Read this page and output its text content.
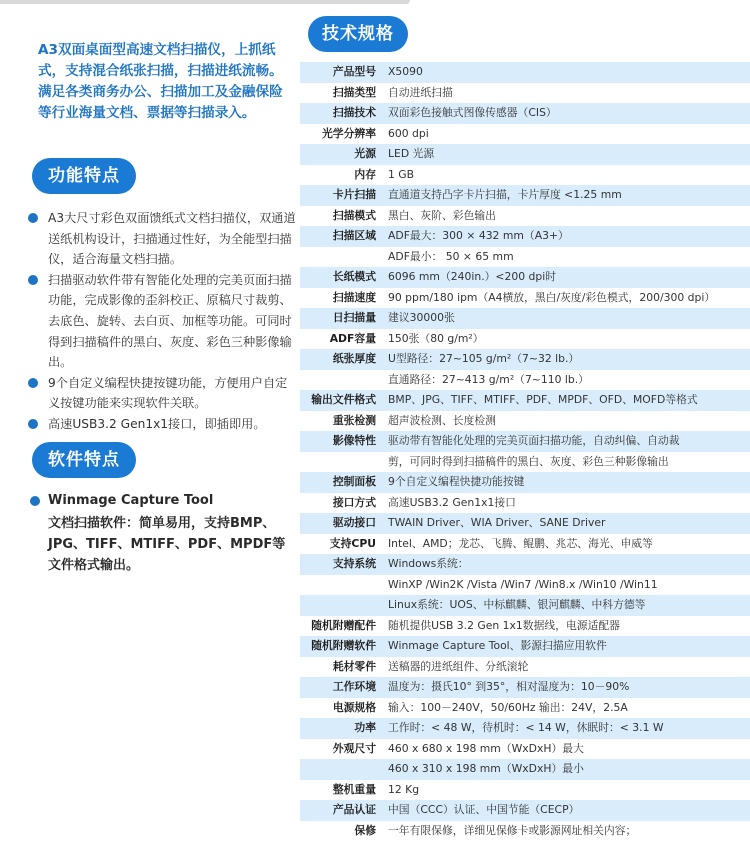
A3双面桌面型高速文档扫描仪，上抓纸式，支持混合纸张扫描，扫描进纸流畅。满足各类商务办公、扫描加工及金融保险等行业海量文档、票据等扫描录入。

功能特点
A3大尺寸彩色双面馈纸式文档扫描仪，双通道送纸机构设计，扫描通过性好，为全能型扫描仪，适合海量文档扫描。
扫描驱动软件带有智能化处理的完美页面扫描功能，完成影像的歪斜校正、原稿尺寸裁剪、去底色、旋转、去白页、加框等功能。可同时得到扫描稿件的黑白、灰度、彩色三种影像输出。
9个自定义编程快捷按键功能，方便用户自定义按键功能来实现软件关联。
高速USB3.2 Gen1x1接口，即插即用。
软件特点
Winmage Capture Tool
文档扫描软件：简单易用，支持BMP、JPG、TIFF、MTIFF、PDF、MPDF等文件格式输出。
技术规格
产品型号	X5090
扫描类型	自动进纸扫描
扫描技术	双面彩色接触式图像传感器（CIS）
光学分辨率	600 dpi
光源	LED 光源
内存	1 GB
卡片扫描	直通道支持凸字卡片扫描，卡片厚度 <1.25 mm
扫描模式	黑白、灰阶、彩色输出
扫描区域	ADF最大：300 × 432 mm（A3+）
ADF最小： 50 × 65 mm
长纸模式	6096 mm（240in.）<200 dpi时
扫描速度	90 ppm/180 ipm（A4横放，黑白/灰度/彩色模式，200/300 dpi）
日扫描量	建议30000张
ADF容量	150张（80 g/m²）
纸张厚度	U型路径：27~105 g/m²（7~32 lb.）
直通路径：27~413 g/m²（7~110 lb.）
输出文件格式	BMP、JPG、TIFF、MTIFF、PDF、MPDF、OFD、MOFD等格式
重张检测	超声波检测、长度检测
影像特性	驱动带有智能化处理的完美页面扫描功能，自动纠偏、自动裁
剪，可同时得到扫描稿件的黑白、灰度、彩色三种影像输出
控制面板	9个自定义编程快捷功能按键
接口方式	高速USB3.2 Gen1x1接口
驱动接口	TWAIN Driver、WIA Driver、SANE Driver
支持CPU	Intel、AMD；龙芯、飞腾、鲲鹏、兆芯、海光、申威等
支持系统	Windows系统：
WinXP /Win2K /Vista /Win7 /Win8.x /Win10 /Win11
Linux系统：UOS、中标麒麟、银河麒麟、中科方德等
随机附赠配件	随机提供USB 3.2 Gen 1x1数据线，电源适配器
随机附赠软件	Winmage Capture Tool、影源扫描应用软件
耗材零件	送稿器的进纸组件、分纸滚轮
工作环境	温度为：摄氏10° 到35°，相对湿度为：10－90%
电源规格	输入：100－240V，50/60Hz 输出：24V，2.5A
功率	工作时：< 48 W，待机时：< 14 W，休眠时：< 3.1 W
外观尺寸	460 x 680 x 198 mm（WxDxH）最大
460 x 310 x 198 mm（WxDxH）最小
整机重量	12 Kg
产品认证	中国（CCC）认证、中国节能（CECP）
保修	一年有限保修，详细见保修卡或影源网址相关内容；
